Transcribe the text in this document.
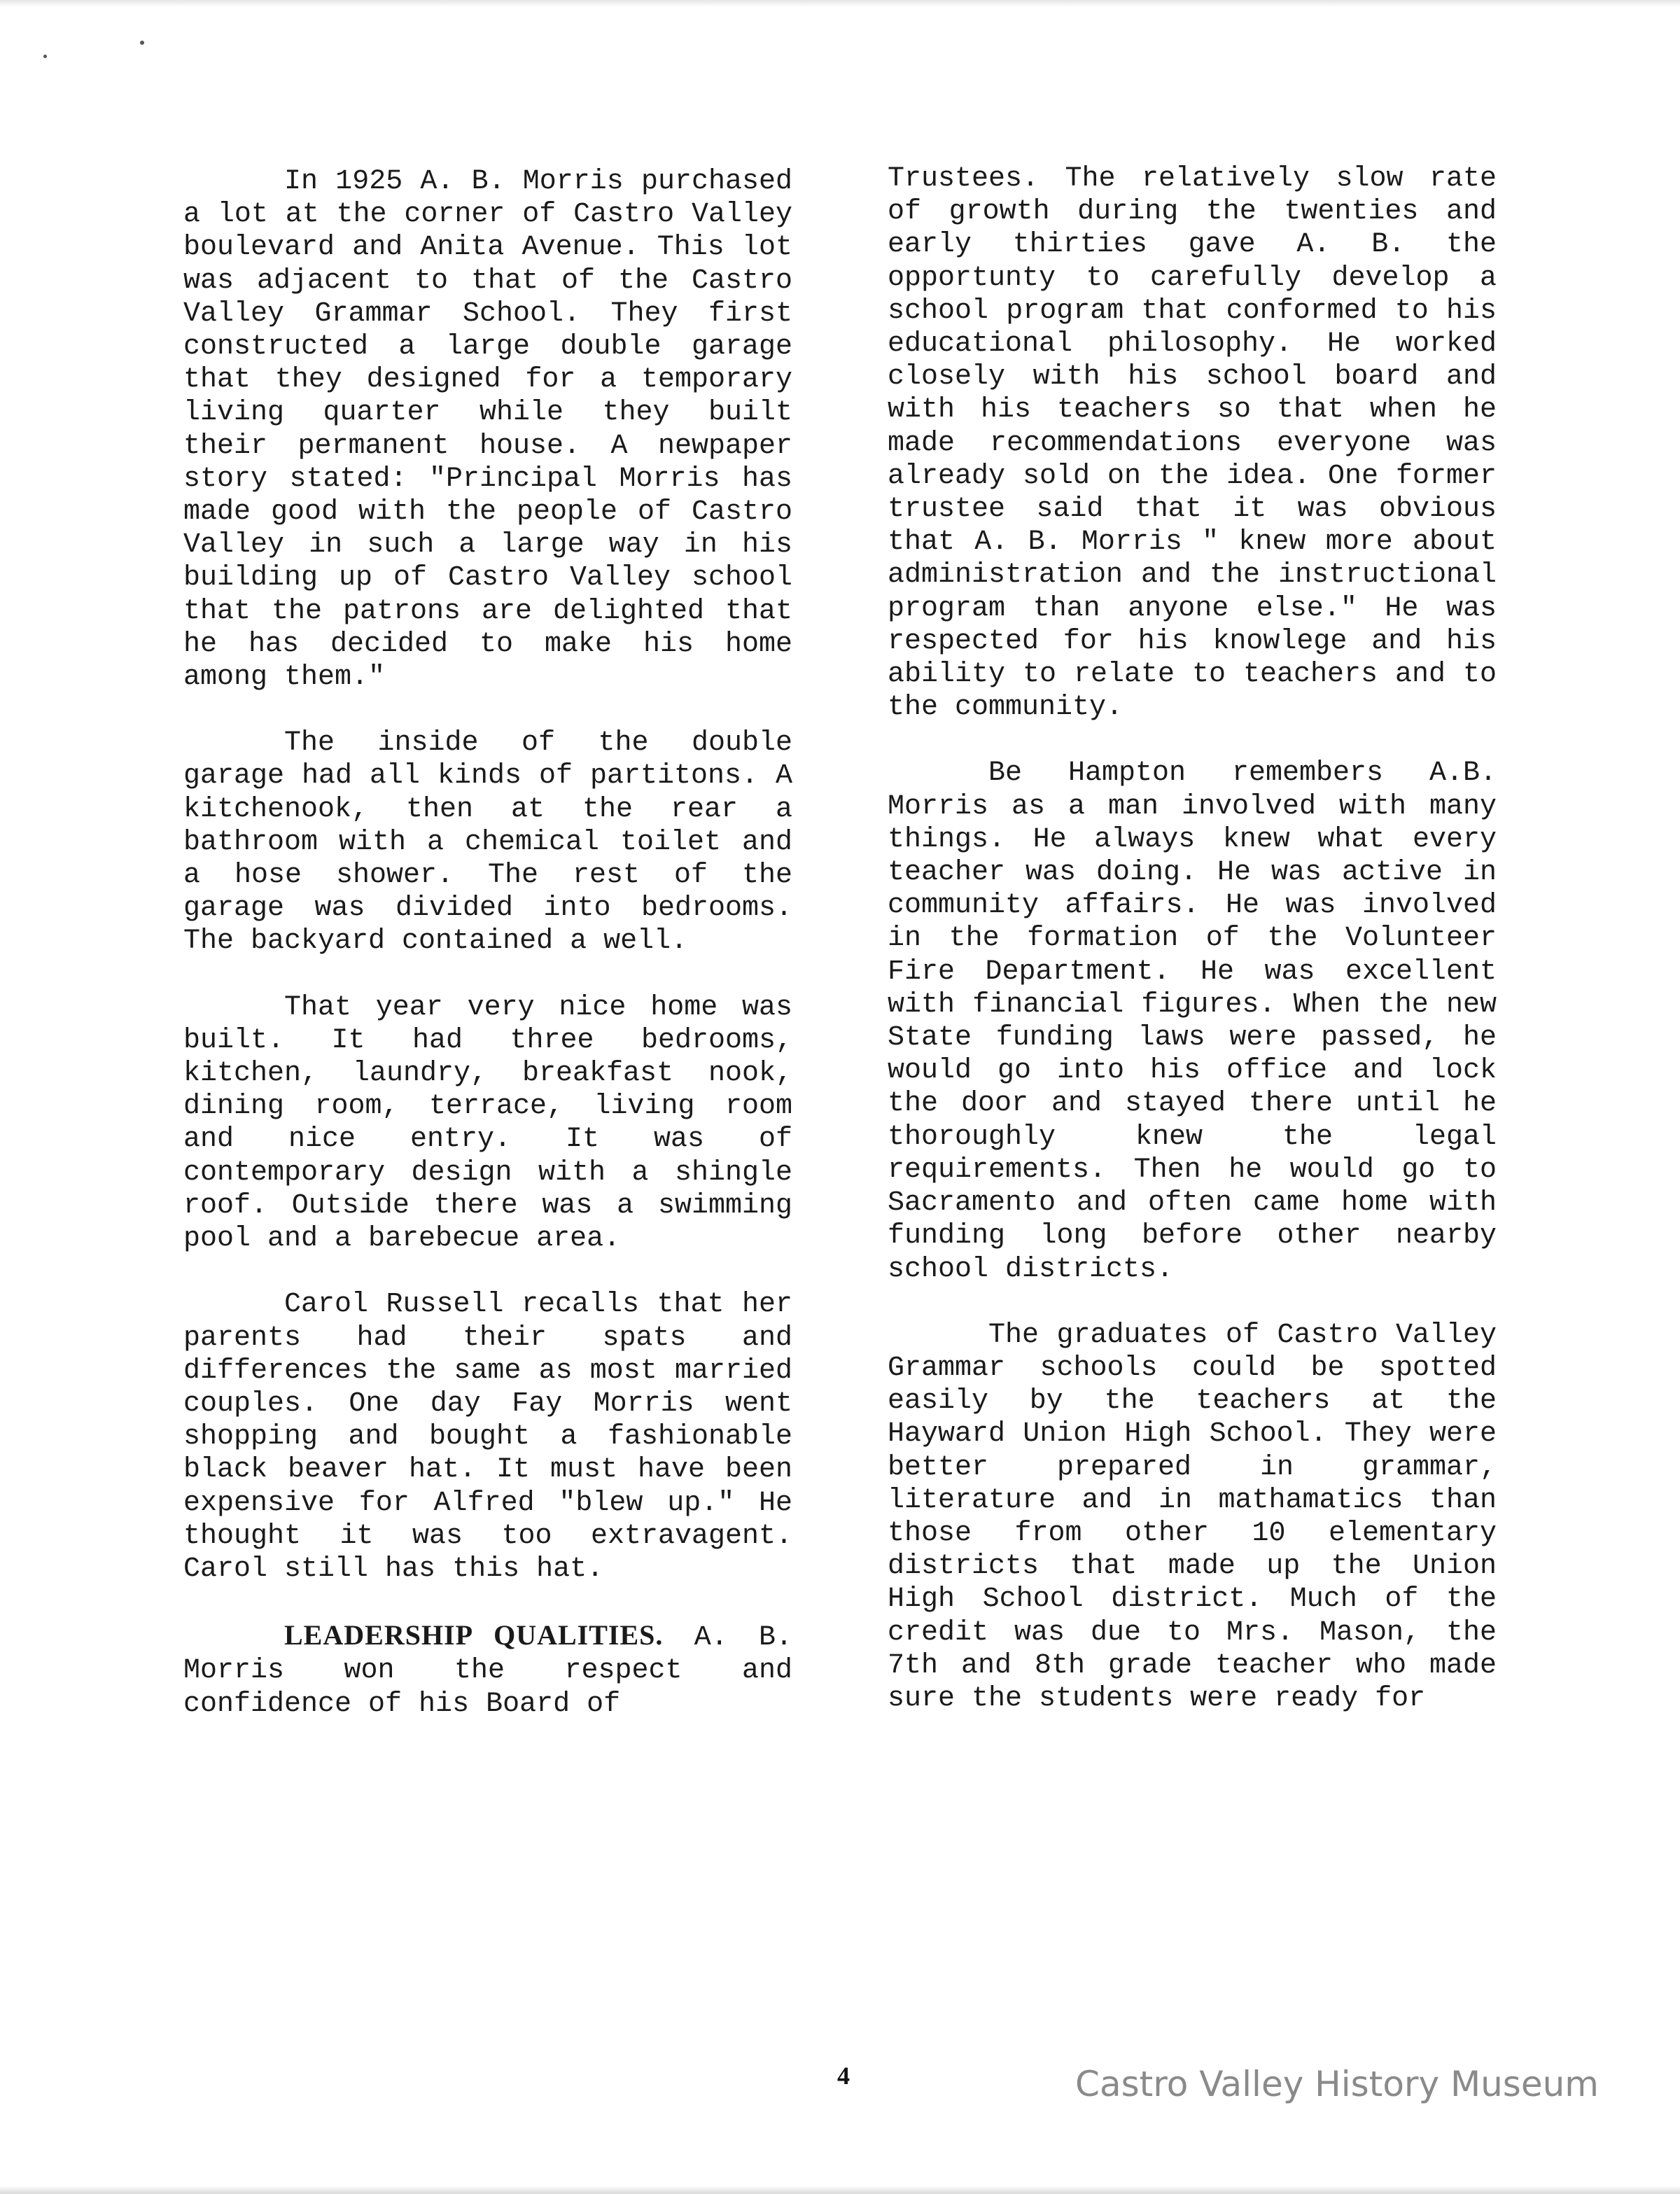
In 1925 A. B. Morris purchased a lot at the corner of Castro Valley boulevard and Anita Avenue. This lot was adjacent to that of the Castro Valley Grammar School. They first constructed a large double garage that they designed for a temporary living quarter while they built their permanent house. A newpaper story stated: "Principal Morris has made good with the people of Castro Valley in such a large way in his building up of Castro Valley school that the patrons are delighted that he has decided to make his home among them."

The inside of the double garage had all kinds of partitons. A kitchenook, then at the rear a bathroom with a chemical toilet and a hose shower. The rest of the garage was divided into bedrooms. The backyard contained a well.

That year very nice home was built. It had three bedrooms, kitchen, laundry, breakfast nook, dining room, terrace, living room and nice entry. It was of contemporary design with a shingle roof. Outside there was a swimming pool and a barebecue area.

Carol Russell recalls that her parents had their spats and differences the same as most married couples. One day Fay Morris went shopping and bought a fashionable black beaver hat. It must have been expensive for Alfred "blew up." He thought it was too extravagent. Carol still has this hat.

LEADERSHIP QUALITIES. A. B. Morris won the respect and confidence of his Board of

Trustees. The relatively slow rate of growth during the twenties and early thirties gave A. B. the opportunty to carefully develop a school program that conformed to his educational philosophy. He worked closely with his school board and with his teachers so that when he made recommendations everyone was already sold on the idea. One former trustee said that it was obvious that A. B. Morris " knew more about administration and the instructional program than anyone else." He was respected for his knowlege and his ability to relate to teachers and to the community.

Be Hampton remembers A.B. Morris as a man involved with many things. He always knew what every teacher was doing. He was active in community affairs. He was involved in the formation of the Volunteer Fire Department. He was excellent with financial figures. When the new State funding laws were passed, he would go into his office and lock the door and stayed there until he thoroughly knew the legal requirements. Then he would go to Sacramento and often came home with funding long before other nearby school districts.

The graduates of Castro Valley Grammar schools could be spotted easily by the teachers at the Hayward Union High School. They were better prepared in grammar, literature and in mathamatics than those from other 10 elementary districts that made up the Union High School district. Much of the credit was due to Mrs. Mason, the 7th and 8th grade teacher who made sure the students were ready for

4	Castro Valley History Museum
